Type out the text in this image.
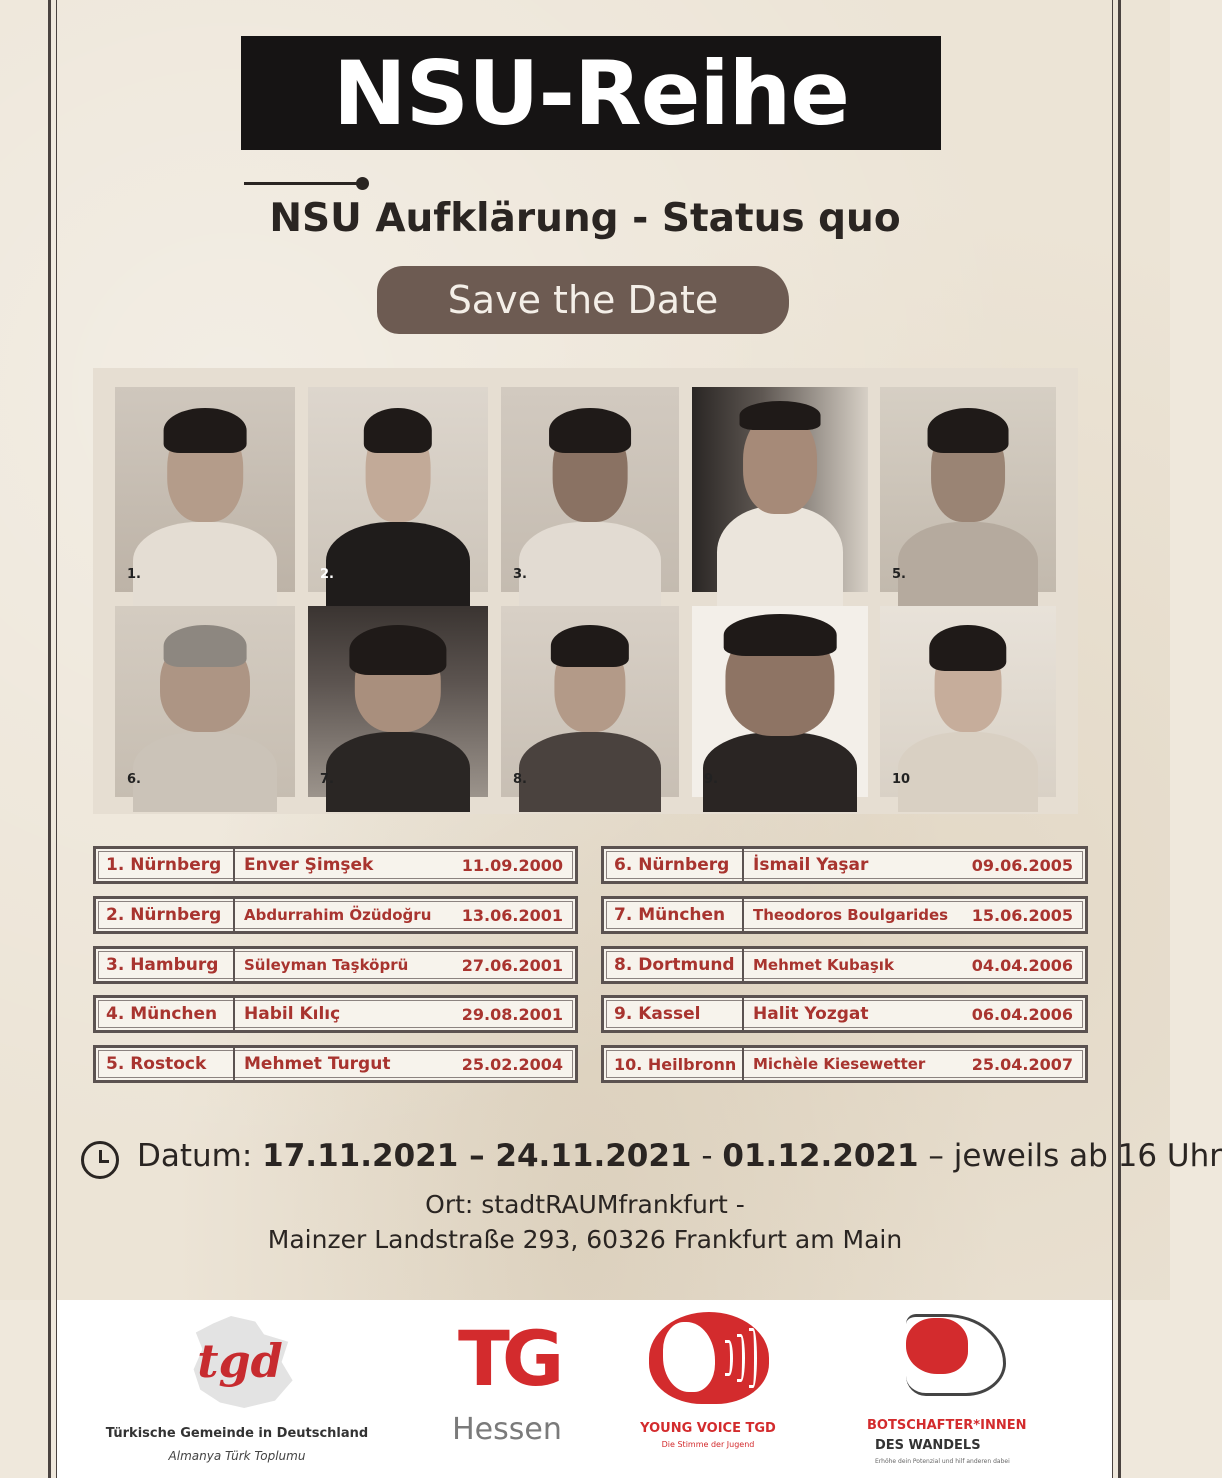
NSU-Reihe
NSU Aufklärung - Status quo
Save the Date
1.	2.	3.	5.
6.	7.	8.	9.	10
1. Nürnberg	Enver Şimşek	11.09.2000
2. Nürnberg	Abdurrahim Özüdoğru	13.06.2001
3. Hamburg	Süleyman Taşköprü	27.06.2001
4. München	Habil Kılıç	29.08.2001
5. Rostock	Mehmet Turgut	25.02.2004
6. Nürnberg	İsmail Yaşar	09.06.2005
7. München	Theodoros Boulgarides	15.06.2005
8. Dortmund	Mehmet Kubaşık	04.04.2006
9. Kassel	Halit Yozgat	06.04.2006
10. Heilbronn	Michèle Kiesewetter	25.04.2007
Datum: 17.11.2021 – 24.11.2021 - 01.12.2021 – jeweils ab 16 Uhr
Ort: stadtRAUMfrankfurt -
Mainzer Landstraße 293, 60326 Frankfurt am Main
tgd
Türkische Gemeinde in Deutschland
Almanya Türk Toplumu
TG
Hessen	YOUNG VOICE TGD
Die Stimme der Jugend
BOTSCHAFTER*INNEN
DES WANDELS
Erhöhe dein Potenzial und hilf anderen dabei
